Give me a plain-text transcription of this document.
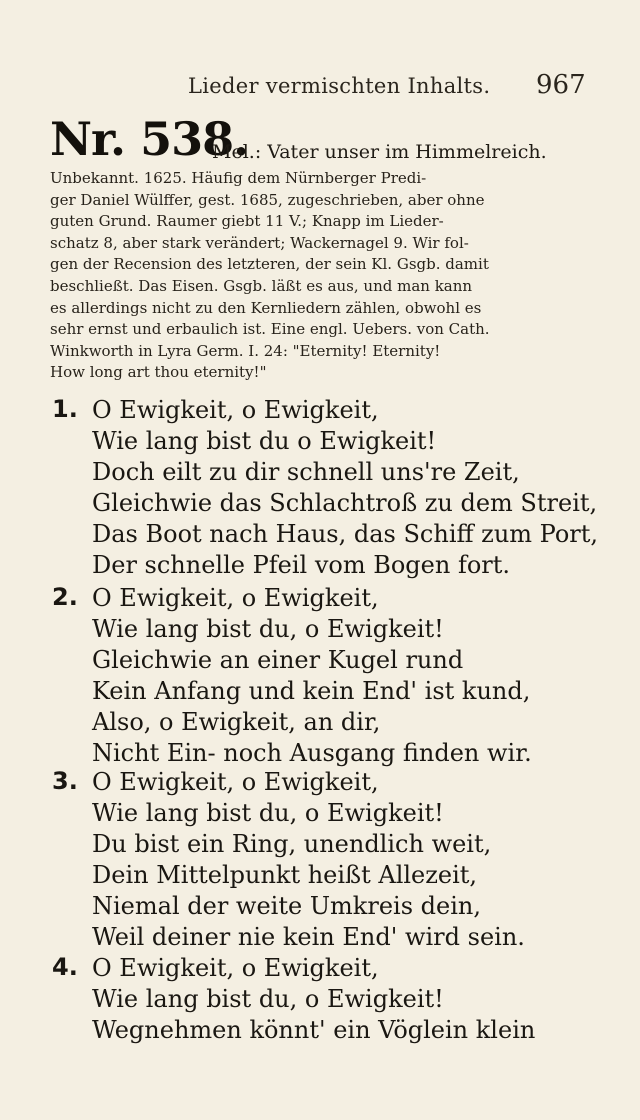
Lieder vermischten Inhalts. 967
Nr. 538.
Mel.: Vater unser im Himmelreich.
Unbekannt. 1625. Häufig dem Nürnberger Predi-
ger Daniel Wülffer, gest. 1685, zugeschrieben, aber ohne
guten Grund. Raumer giebt 11 V.; Knapp im Lieder-
schatz 8, aber stark verändert; Wackernagel 9. Wir fol-
gen der Recension des letzteren, der sein Kl. Gsgb. damit
beschließt. Das Eisen. Gsgb. läßt es aus, und man kann
es allerdings nicht zu den Kernliedern zählen, obwohl es
sehr ernst und erbaulich ist. Eine engl. Uebers. von Cath.
Winkworth in Lyra Germ. I. 24: "Eternity! Eternity!
How long art thou eternity!"
1. O Ewigkeit, o Ewigkeit,
Wie lang bist du o Ewigkeit!
Doch eilt zu dir schnell uns're Zeit,
Gleichwie das Schlachtroß zu dem Streit,
Das Boot nach Haus, das Schiff zum Port,
Der schnelle Pfeil vom Bogen fort.
2. O Ewigkeit, o Ewigkeit,
Wie lang bist du, o Ewigkeit!
Gleichwie an einer Kugel rund
Kein Anfang und kein End' ist kund,
Also, o Ewigkeit, an dir,
Nicht Ein- noch Ausgang finden wir.
3. O Ewigkeit, o Ewigkeit,
Wie lang bist du, o Ewigkeit!
Du bist ein Ring, unendlich weit,
Dein Mittelpunkt heißt Allezeit,
Niemal der weite Umkreis dein,
Weil deiner nie kein End' wird sein.
4. O Ewigkeit, o Ewigkeit,
Wie lang bist du, o Ewigkeit!
Wegnehmen könnt' ein Vöglein klein
